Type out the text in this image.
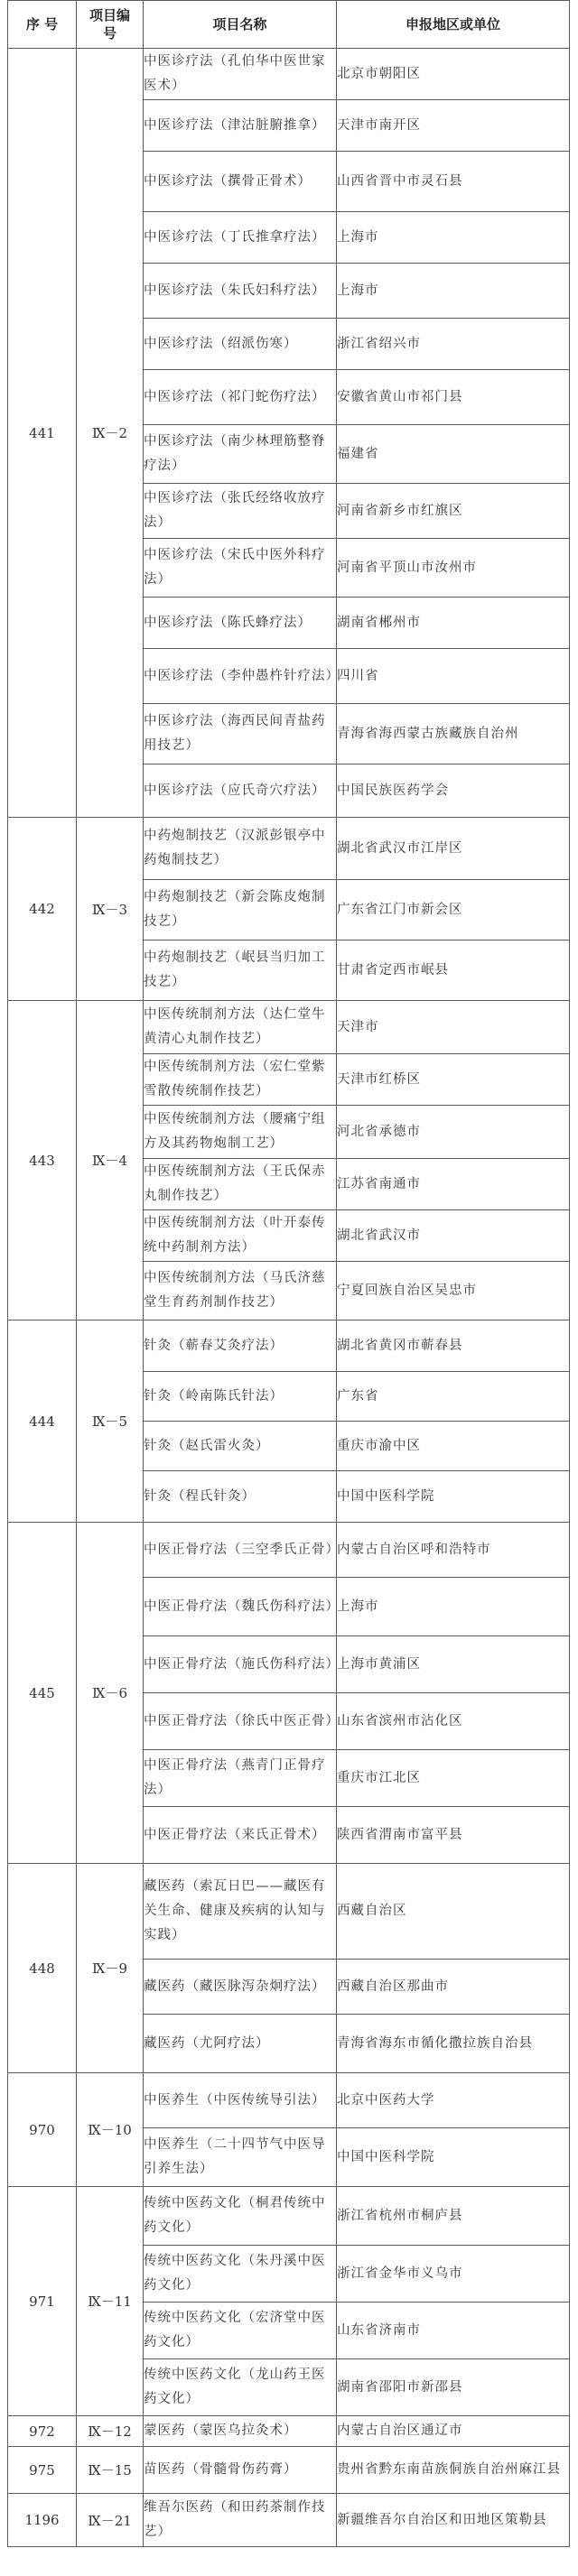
序 号	项目编号	项目名称	申报地区或单位
441	Ⅸ－2	中医诊疗法（孔伯华中医世家医术）	北京市朝阳区
		中医诊疗法（津沽脏腑推拿）	天津市南开区
		中医诊疗法（撰骨正骨术）	山西省晋中市灵石县
		中医诊疗法（丁氏推拿疗法）	上海市
		中医诊疗法（朱氏妇科疗法）	上海市
		中医诊疗法（绍派伤寒）	浙江省绍兴市
		中医诊疗法（祁门蛇伤疗法）	安徽省黄山市祁门县
		中医诊疗法（南少林理筋整脊疗法）	福建省
		中医诊疗法（张氏经络收放疗法）	河南省新乡市红旗区
		中医诊疗法（宋氏中医外科疗法）	河南省平顶山市汝州市
		中医诊疗法（陈氏蜂疗法）	湖南省郴州市
		中医诊疗法（李仲愚杵针疗法）	四川省
		中医诊疗法（海西民间青盐药用技艺）	青海省海西蒙古族藏族自治州
		中医诊疗法（应氏奇穴疗法）	中国民族医药学会
442	Ⅸ－3	中药炮制技艺（汉派彭银亭中药炮制技艺）	湖北省武汉市江岸区
		中药炮制技艺（新会陈皮炮制技艺）	广东省江门市新会区
		中药炮制技艺（岷县当归加工技艺）	甘肃省定西市岷县
443	Ⅸ－4	中医传统制剂方法（达仁堂牛黄清心丸制作技艺）	天津市
		中医传统制剂方法（宏仁堂紫雪散传统制作技艺）	天津市红桥区
		中医传统制剂方法（腰痛宁组方及其药物炮制工艺）	河北省承德市
		中医传统制剂方法（王氏保赤丸制作技艺）	江苏省南通市
		中医传统制剂方法（叶开泰传统中药制剂方法）	湖北省武汉市
		中医传统制剂方法（马氏济慈堂生育药剂制作技艺）	宁夏回族自治区吴忠市
444	Ⅸ－5	针灸（蕲春艾灸疗法）	湖北省黄冈市蕲春县
		针灸（岭南陈氏针法）	广东省
		针灸（赵氏雷火灸）	重庆市渝中区
		针灸（程氏针灸）	中国中医科学院
445	Ⅸ－6	中医正骨疗法（三空季氏正骨）	内蒙古自治区呼和浩特市
		中医正骨疗法（魏氏伤科疗法）	上海市
		中医正骨疗法（施氏伤科疗法）	上海市黄浦区
		中医正骨疗法（徐氏中医正骨）	山东省滨州市沾化区
		中医正骨疗法（燕青门正骨疗法）	重庆市江北区
		中医正骨疗法（来氏正骨术）	陕西省渭南市富平县
448	Ⅸ－9	藏医药（索瓦日巴——藏医有关生命、健康及疾病的认知与实践）	西藏自治区
		藏医药（藏医脉泻杂炯疗法）	西藏自治区那曲市
		藏医药（尤阿疗法）	青海省海东市循化撒拉族自治县
970	Ⅸ－10	中医养生（中医传统导引法）	北京中医药大学
		中医养生（二十四节气中医导引养生法）	中国中医科学院
971	Ⅸ－11	传统中医药文化（桐君传统中药文化）	浙江省杭州市桐庐县
		传统中医药文化（朱丹溪中医药文化）	浙江省金华市义乌市
		传统中医药文化（宏济堂中医药文化）	山东省济南市
		传统中医药文化（龙山药王医药文化）	湖南省邵阳市新邵县
972	Ⅸ－12	蒙医药（蒙医乌拉灸术）	内蒙古自治区通辽市
975	Ⅸ－15	苗医药（骨髓骨伤药膏）	贵州省黔东南苗族侗族自治州麻江县
1196	Ⅸ－21	维吾尔医药（和田药茶制作技艺）	新疆维吾尔自治区和田地区策勒县
